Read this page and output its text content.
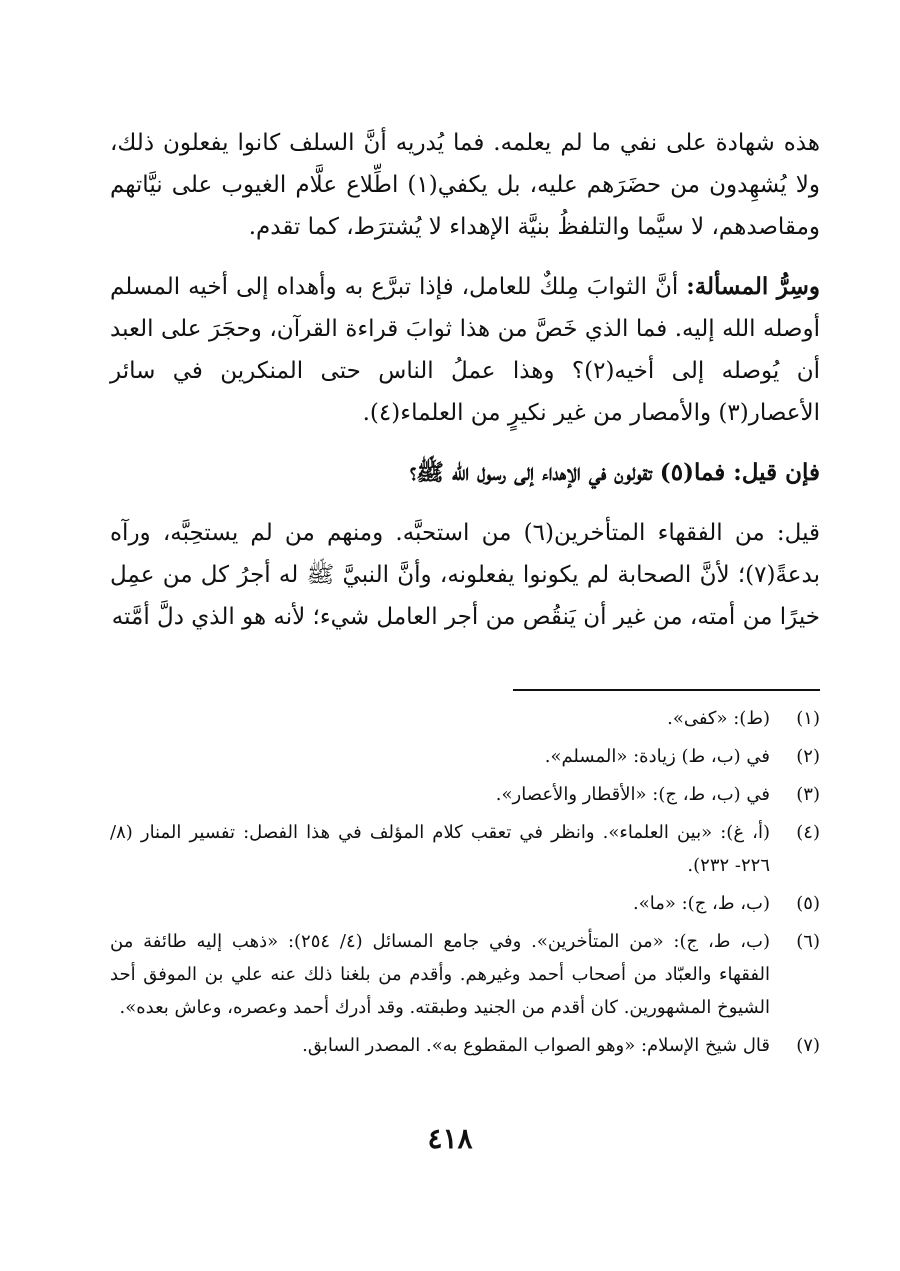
هذه شهادة على نفي ما لم يعلمه. فما يُدريه أنَّ السلف كانوا يفعلون ذلك، ولا يُشهِدون من حضَرَهم عليه، بل يكفي(١) اطِّلاع علَّام الغيوب على نيَّاتهم ومقاصدهم، لا سيَّما والتلفظُ بنيَّة الإهداء لا يُشترَط، كما تقدم.

وسِرُّ المسألة: أنَّ الثوابَ مِلكٌ للعامل، فإذا تبرَّع به وأهداه إلى أخيه المسلم أوصله الله إليه. فما الذي خَصَّ من هذا ثوابَ قراءة القرآن، وحجَرَ على العبد أن يُوصله إلى أخيه(٢)؟ وهذا عملُ الناس حتى المنكرين في سائر الأعصار(٣) والأمصار من غير نكيرٍ من العلماء(٤).

فإن قيل: فما(٥) تقولون في الإهداء إلى رسول الله ﷺ؟

قيل: من الفقهاء المتأخرين(٦) من استحبَّه. ومنهم من لم يستحِبَّه، ورآه بدعةً(٧)؛ لأنَّ الصحابة لم يكونوا يفعلونه، وأنَّ النبيَّ ﷺ له أجرُ كل من عمِل خيرًا من أمته، من غير أن يَنقُص من أجر العامل شيء؛ لأنه هو الذي دلَّ أمَّته

(١)
(ط): «كفى».
(٢)
في (ب، ط) زيادة: «المسلم».
(٣)
في (ب، ط، ج): «الأقطار والأعصار».
(٤)
(أ، غ): «بين العلماء». وانظر في تعقب كلام المؤلف في هذا الفصل: تفسير المنار (٨/ ٢٢٦- ٢٣٢).
(٥)
(ب، ط، ج): «ما».
(٦)
(ب، ط، ج): «من المتأخرين». وفي جامع المسائل (٤/ ٢٥٤): «ذهب إليه طائفة من الفقهاء والعبّاد من أصحاب أحمد وغيرهم. وأقدم من بلغنا ذلك عنه علي بن الموفق أحد الشيوخ المشهورين. كان أقدم من الجنيد وطبقته. وقد أدرك أحمد وعصره، وعاش بعده».
(٧)
قال شيخ الإسلام: «وهو الصواب المقطوع به». المصدر السابق.
٤١٨
